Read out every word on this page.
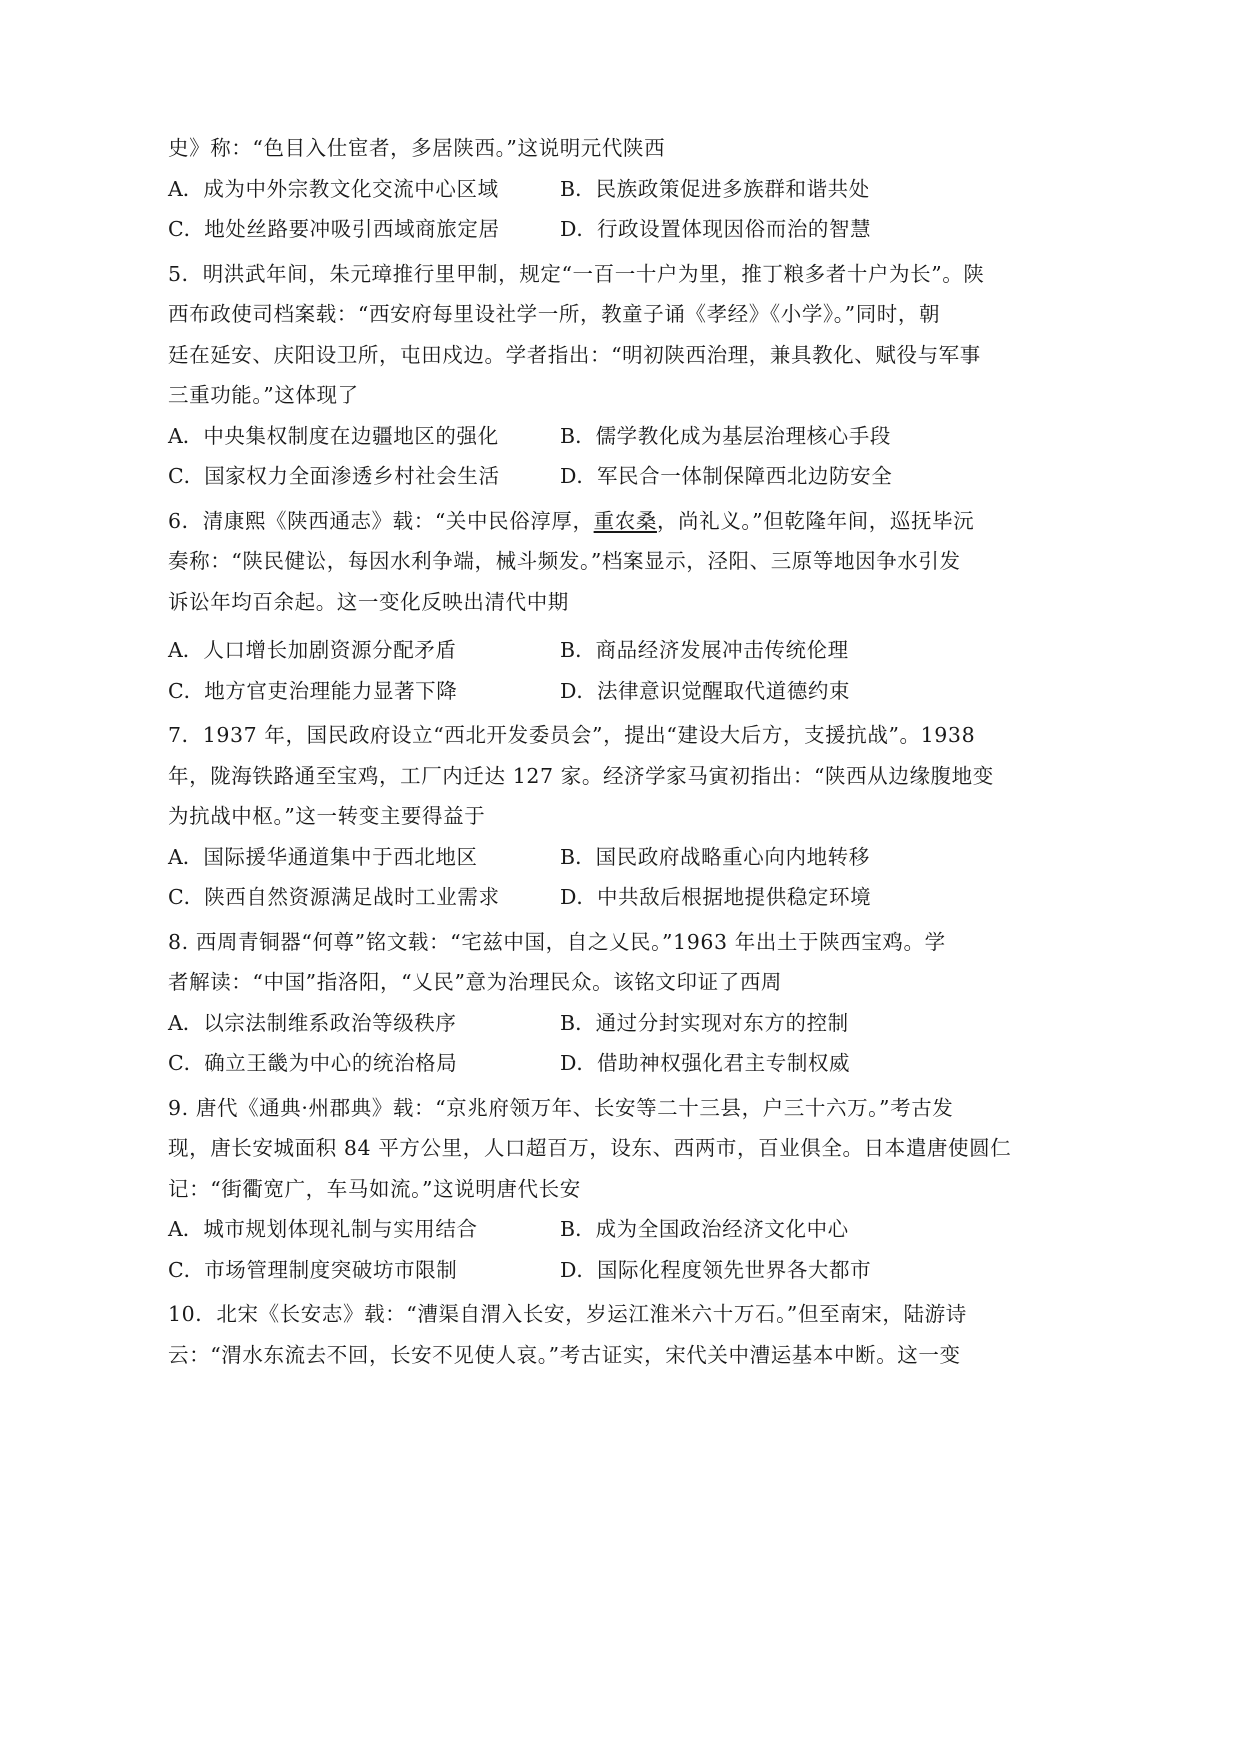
史》称：“色目入仕宦者，多居陕西。”这说明元代陕西
A．成为中外宗教文化交流中心区域	B．民族政策促进多族群和谐共处
C．地处丝路要冲吸引西域商旅定居	D．行政设置体现因俗而治的智慧
5．明洪武年间，朱元璋推行里甲制，规定“一百一十户为里，推丁粮多者十户为长”。陕
西布政使司档案载：“西安府每里设社学一所，教童子诵《孝经》《小学》。”同时，朝
廷在延安、庆阳设卫所，屯田戍边。学者指出：“明初陕西治理，兼具教化、赋役与军事
三重功能。”这体现了
A．中央集权制度在边疆地区的强化	B．儒学教化成为基层治理核心手段
C．国家权力全面渗透乡村社会生活	D．军民合一体制保障西北边防安全
6．清康熙《陕西通志》载：“关中民俗淳厚，重农桑，尚礼义。”但乾隆年间，巡抚毕沅
奏称：“陕民健讼，每因水利争端，械斗频发。”档案显示，泾阳、三原等地因争水引发
诉讼年均百余起。这一变化反映出清代中期
A．人口增长加剧资源分配矛盾	B．商品经济发展冲击传统伦理
C．地方官吏治理能力显著下降	D．法律意识觉醒取代道德约束
7．1937 年，国民政府设立“西北开发委员会”，提出“建设大后方，支援抗战”。1938
年，陇海铁路通至宝鸡，工厂内迁达 127 家。经济学家马寅初指出：“陕西从边缘腹地变
为抗战中枢。”这一转变主要得益于
A．国际援华通道集中于西北地区	B．国民政府战略重心向内地转移
C．陕西自然资源满足战时工业需求	D．中共敌后根据地提供稳定环境
8. 西周青铜器“何尊”铭文载：“宅兹中国，自之乂民。”1963 年出土于陕西宝鸡。学
者解读：“中国”指洛阳，“乂民”意为治理民众。该铭文印证了西周
A．以宗法制维系政治等级秩序	B．通过分封实现对东方的控制
C．确立王畿为中心的统治格局	D．借助神权强化君主专制权威
9. 唐代《通典·州郡典》载：“京兆府领万年、长安等二十三县，户三十六万。”考古发
现，唐长安城面积 84 平方公里，人口超百万，设东、西两市，百业俱全。日本遣唐使圆仁
记：“街衢宽广，车马如流。”这说明唐代长安
A．城市规划体现礼制与实用结合	B．成为全国政治经济文化中心
C．市场管理制度突破坊市限制	D．国际化程度领先世界各大都市
10．北宋《长安志》载：“漕渠自渭入长安，岁运江淮米六十万石。”但至南宋，陆游诗
云：“渭水东流去不回，长安不见使人哀。”考古证实，宋代关中漕运基本中断。这一变
